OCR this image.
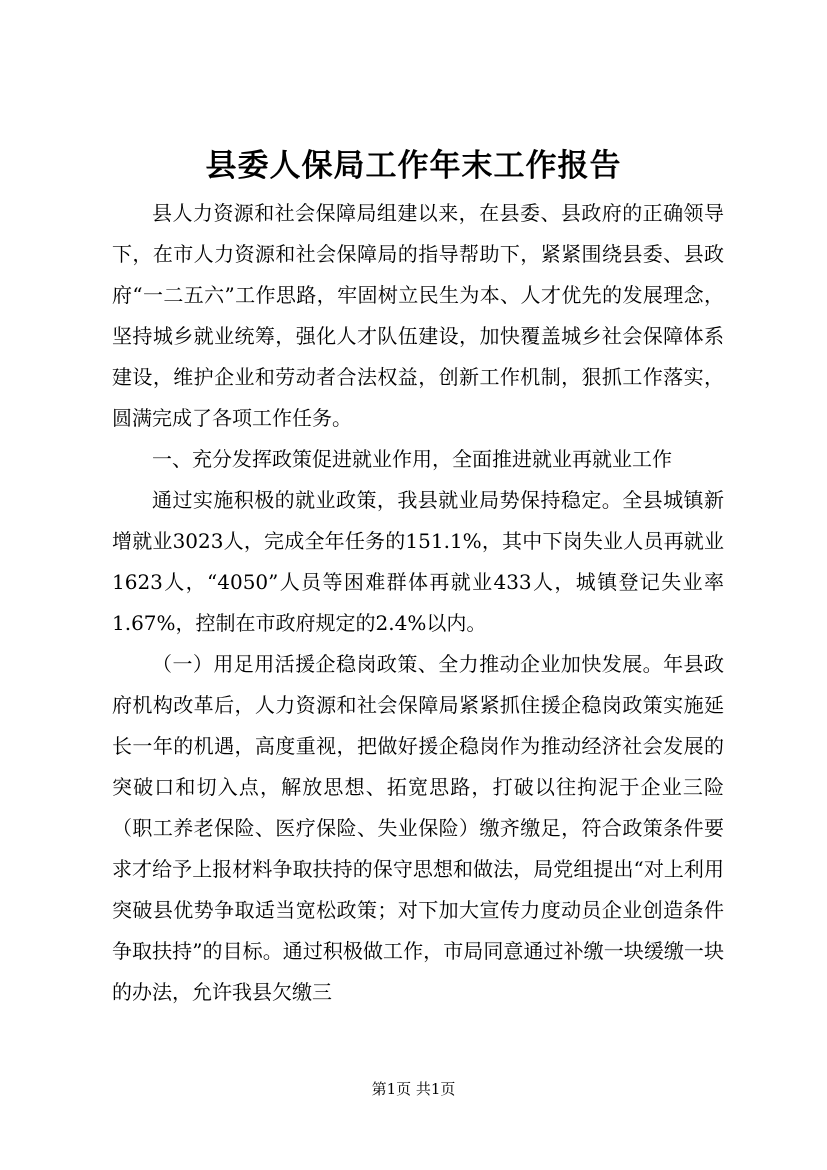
县委人保局工作年末工作报告

县人力资源和社会保障局组建以来，在县委、县政府的正确领导下，在市人力资源和社会保障局的指导帮助下，紧紧围绕县委、县政府“一二五六”工作思路，牢固树立民生为本、人才优先的发展理念，坚持城乡就业统筹，强化人才队伍建设，加快覆盖城乡社会保障体系建设，维护企业和劳动者合法权益，创新工作机制，狠抓工作落实，圆满完成了各项工作任务。

一、充分发挥政策促进就业作用，全面推进就业再就业工作

通过实施积极的就业政策，我县就业局势保持稳定。全县城镇新增就业3023人，完成全年任务的151.1%，其中下岗失业人员再就业1623人，“4050”人员等困难群体再就业433人，城镇登记失业率1.67%，控制在市政府规定的2.4%以内。

（一）用足用活援企稳岗政策、全力推动企业加快发展。年县政府机构改革后，人力资源和社会保障局紧紧抓住援企稳岗政策实施延长一年的机遇，高度重视，把做好援企稳岗作为推动经济社会发展的突破口和切入点，解放思想、拓宽思路，打破以往拘泥于企业三险（职工养老保险、医疗保险、失业保险）缴齐缴足，符合政策条件要求才给予上报材料争取扶持的保守思想和做法，局党组提出“对上利用突破县优势争取适当宽松政策；对下加大宣传力度动员企业创造条件争取扶持”的目标。通过积极做工作，市局同意通过补缴一块缓缴一块的办法，允许我县欠缴三

第1页 共1页
